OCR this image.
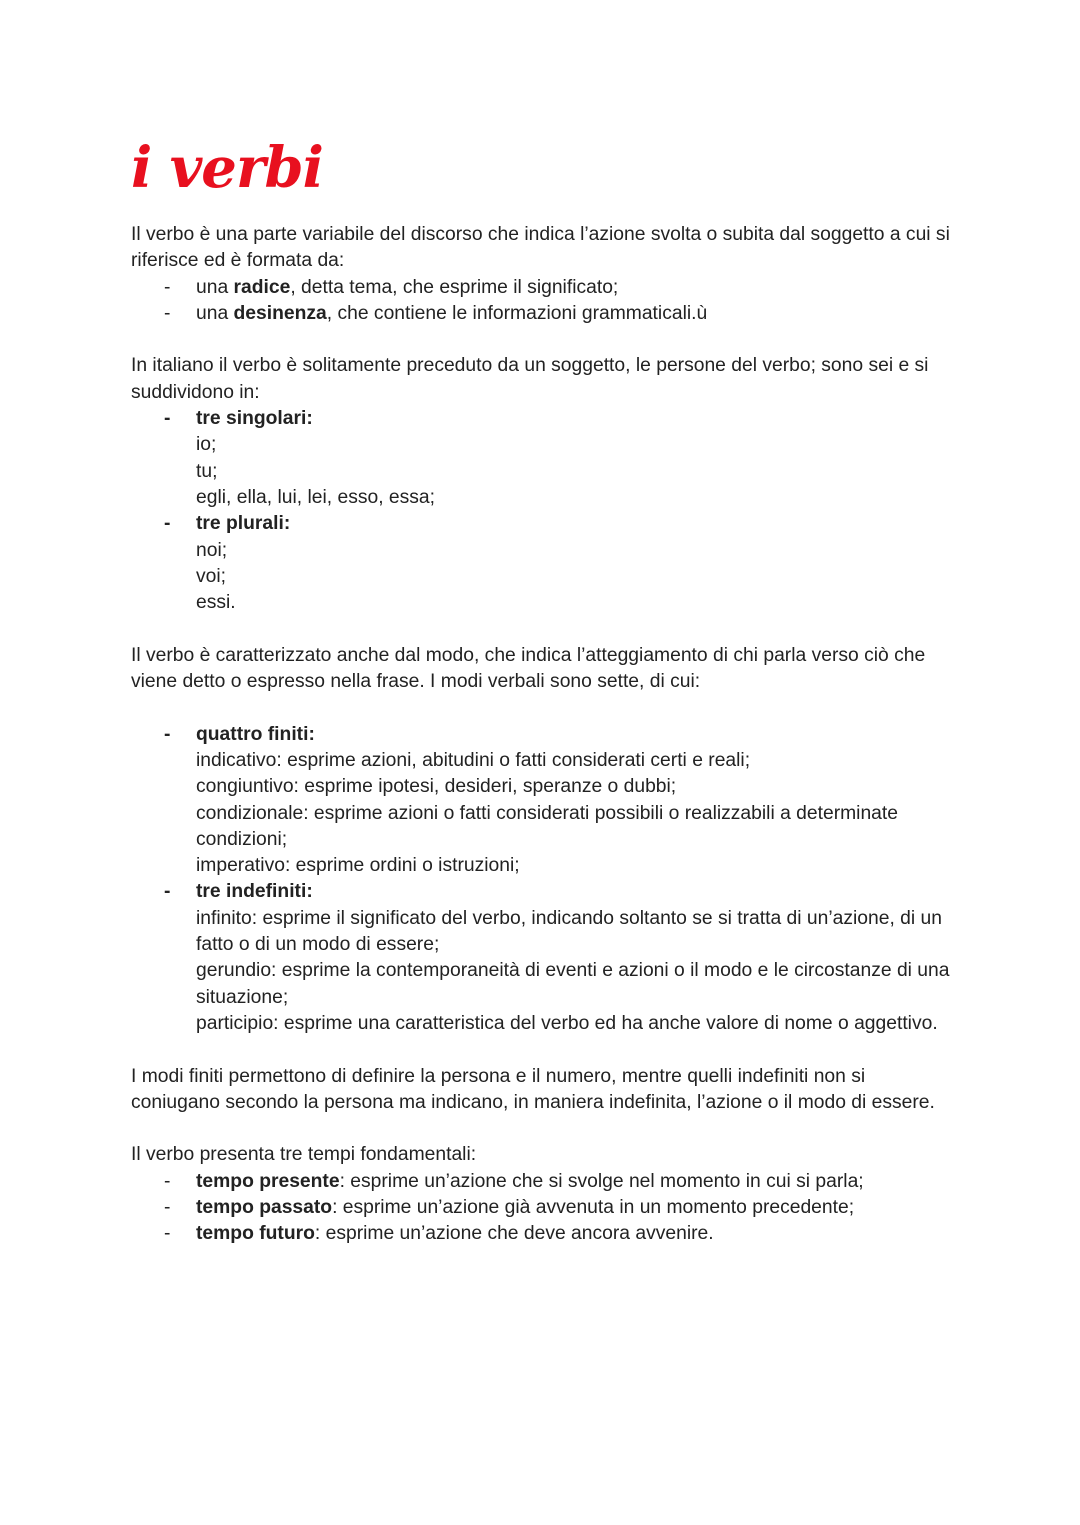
i verbi

Il verbo è una parte variabile del discorso che indica l’azione svolta o subita dal soggetto a cui si riferisce ed è formata da:

- una radice, detta tema, che esprime il significato;
- una desinenza, che contiene le informazioni grammaticali.ù

In italiano il verbo è solitamente preceduto da un soggetto, le persone del verbo; sono sei e si suddividono in:

- tre singolari:
io;
tu;
egli, ella, lui, lei, esso, essa;
- tre plurali:
noi;
voi;
essi.

Il verbo è caratterizzato anche dal modo, che indica l’atteggiamento di chi parla verso ciò che viene detto o espresso nella frase. I modi verbali sono sette, di cui:

- quattro finiti:
indicativo: esprime azioni, abitudini o fatti considerati certi e reali;
congiuntivo: esprime ipotesi, desideri, speranze o dubbi;
condizionale: esprime azioni o fatti considerati possibili o realizzabili a determinate condizioni;
imperativo: esprime ordini o istruzioni;
- tre indefiniti:
infinito: esprime il significato del verbo, indicando soltanto se si tratta di un’azione, di un fatto o di un modo di essere;
gerundio: esprime la contemporaneità di eventi e azioni o il modo e le circostanze di una situazione;
participio: esprime una caratteristica del verbo ed ha anche valore di nome o aggettivo.

I modi finiti permettono di definire la persona e il numero, mentre quelli indefiniti non si coniugano secondo la persona ma indicano, in maniera indefinita, l’azione o il modo di essere.

Il verbo presenta tre tempi fondamentali:

- tempo presente: esprime un’azione che si svolge nel momento in cui si parla;
- tempo passato: esprime un’azione già avvenuta in un momento precedente;
- tempo futuro: esprime un’azione che deve ancora avvenire.
